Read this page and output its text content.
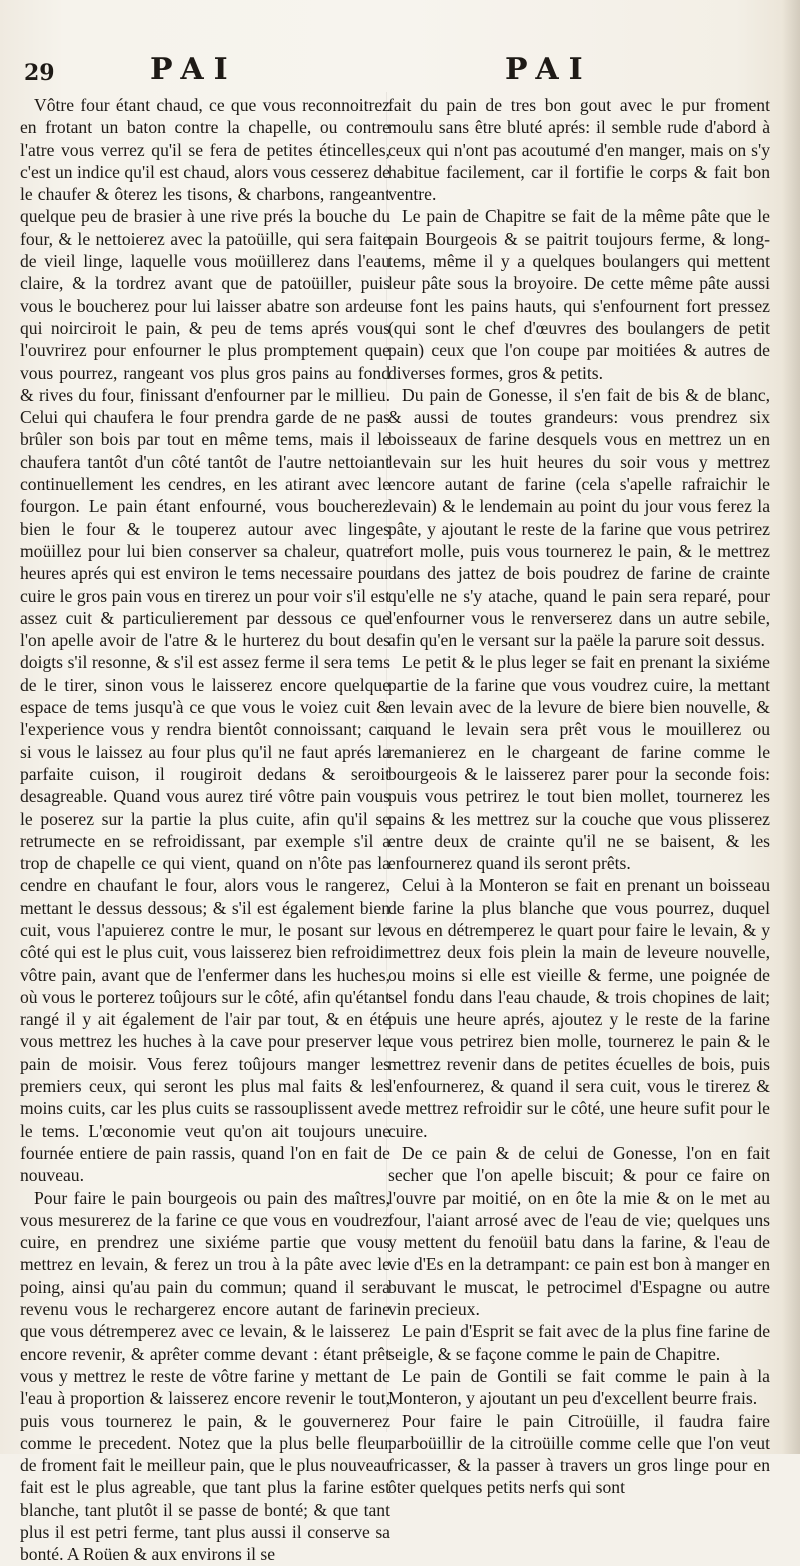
29	PAI	PAI

Vôtre four étant chaud, ce que vous reconnoitrez en frotant un baton contre la chapelle, ou contre l'atre vous verrez qu'il se fera de petites étincelles, c'est un indice qu'il est chaud, alors vous cesserez de le chaufer & ôterez les tisons, & charbons, rangeant quelque peu de brasier à une rive prés la bouche du four, & le nettoierez avec la patoüille, qui sera faite de vieil linge, laquelle vous moüillerez dans l'eau claire, & la tordrez avant que de patoüiller, puis vous le boucherez pour lui laisser abatre son ardeur qui noirciroit le pain, & peu de tems aprés vous l'ouvrirez pour enfourner le plus promptement que vous pourrez, rangeant vos plus gros pains au fond & rives du four, finissant d'enfourner par le millieu. Celui qui chaufera le four prendra garde de ne pas brûler son bois par tout en même tems, mais il le chaufera tantôt d'un côté tantôt de l'autre nettoiant continuellement les cendres, en les atirant avec le fourgon. Le pain étant enfourné, vous boucherez bien le four & le touperez autour avec linges moüillez pour lui bien conserver sa chaleur, quatre heures aprés qui est environ le tems necessaire pour cuire le gros pain vous en tirerez un pour voir s'il est assez cuit & particulierement par dessous ce que l'on apelle avoir de l'atre & le hurterez du bout des doigts s'il resonne, & s'il est assez ferme il sera tems de le tirer, sinon vous le laisserez encore quelque espace de tems jusqu'à ce que vous le voiez cuit & l'experience vous y rendra bientôt connoissant; car si vous le laissez au four plus qu'il ne faut aprés la parfaite cuison, il rougiroit dedans & seroit desagreable. Quand vous aurez tiré vôtre pain vous le poserez sur la partie la plus cuite, afin qu'il se retrumecte en se refroidissant, par exemple s'il a trop de chapelle ce qui vient, quand on n'ôte pas la cendre en chaufant le four, alors vous le rangerez, mettant le dessus dessous; & s'il est également bien cuit, vous l'apuierez contre le mur, le posant sur le côté qui est le plus cuit, vous laisserez bien refroidir vôtre pain, avant que de l'enfermer dans les huches, où vous le porterez toûjours sur le côté, afin qu'étant rangé il y ait également de l'air par tout, & en été vous mettrez les huches à la cave pour preserver le pain de moisir. Vous ferez toûjours manger les premiers ceux, qui seront les plus mal faits & les moins cuits, car les plus cuits se rassouplissent avec le tems. L'œconomie veut qu'on ait toujours une fournée entiere de pain rassis, quand l'on en fait de nouveau.

Pour faire le pain bourgeois ou pain des maîtres, vous mesurerez de la farine ce que vous en voudrez cuire, en prendrez une sixiéme partie que vous mettrez en levain, & ferez un trou à la pâte avec le poing, ainsi qu'au pain du commun; quand il sera revenu vous le rechargerez encore autant de farine que vous détremperez avec ce levain, & le laisserez encore revenir, & aprêter comme devant : étant prêt vous y mettrez le reste de vôtre farine y mettant de l'eau à proportion & laisserez encore revenir le tout, puis vous tournerez le pain, & le gouvernerez comme le precedent. Notez que la plus belle fleur de froment fait le meilleur pain, que le plus nouveau fait est le plus agreable, que tant plus la farine est blanche, tant plutôt il se passe de bonté; & que tant plus il est petri ferme, tant plus aussi il conserve sa bonté. A Roüen & aux environs il se

fait du pain de tres bon gout avec le pur froment moulu sans être bluté aprés: il semble rude d'abord à ceux qui n'ont pas acoutumé d'en manger, mais on s'y habitue facilement, car il fortifie le corps & fait bon ventre.

Le pain de Chapitre se fait de la même pâte que le pain Bourgeois & se paitrit toujours ferme, & long-tems, même il y a quelques boulangers qui mettent leur pâte sous la broyoire. De cette même pâte aussi se font les pains hauts, qui s'enfournent fort pressez (qui sont le chef d'œuvres des boulangers de petit pain) ceux que l'on coupe par moitiées & autres de diverses formes, gros & petits.

Du pain de Gonesse, il s'en fait de bis & de blanc, & aussi de toutes grandeurs: vous prendrez six boisseaux de farine desquels vous en mettrez un en levain sur les huit heures du soir vous y mettrez encore autant de farine (cela s'apelle rafraichir le levain) & le lendemain au point du jour vous ferez la pâte, y ajoutant le reste de la farine que vous petrirez fort molle, puis vous tournerez le pain, & le mettrez dans des jattez de bois poudrez de farine de crainte qu'elle ne s'y atache, quand le pain sera reparé, pour l'enfourner vous le renverserez dans un autre sebile, afin qu'en le versant sur la paële la parure soit dessus.

Le petit & le plus leger se fait en prenant la sixiéme partie de la farine que vous voudrez cuire, la mettant en levain avec de la levure de biere bien nouvelle, & quand le levain sera prêt vous le mouillerez ou remanierez en le chargeant de farine comme le bourgeois & le laisserez parer pour la seconde fois: puis vous petrirez le tout bien mollet, tournerez les pains & les mettrez sur la couche que vous plisserez entre deux de crainte qu'il ne se baisent, & les enfournerez quand ils seront prêts.

Celui à la Monteron se fait en prenant un boisseau de farine la plus blanche que vous pourrez, duquel vous en détremperez le quart pour faire le levain, & y mettrez deux fois plein la main de leveure nouvelle, ou moins si elle est vieille & ferme, une poignée de sel fondu dans l'eau chaude, & trois chopines de lait; puis une heure aprés, ajoutez y le reste de la farine que vous petrirez bien molle, tournerez le pain & le mettrez revenir dans de petites écuelles de bois, puis l'enfournerez, & quand il sera cuit, vous le tirerez & le mettrez refroidir sur le côté, une heure sufit pour le cuire.

De ce pain & de celui de Gonesse, l'on en fait secher que l'on apelle biscuit; & pour ce faire on l'ouvre par moitié, on en ôte la mie & on le met au four, l'aiant arrosé avec de l'eau de vie; quelques uns y mettent du fenoüil batu dans la farine, & l'eau de vie d'Es en la detrampant: ce pain est bon à manger en buvant le muscat, le petrocimel d'Espagne ou autre vin precieux.

Le pain d'Esprit se fait avec de la plus fine farine de seigle, & se façone comme le pain de Chapitre.

Le pain de Gontili se fait comme le pain à la Monteron, y ajoutant un peu d'excellent beurre frais.

Pour faire le pain Citroüille, il faudra faire parboüillir de la citroüille comme celle que l'on veut fricasser, & la passer à travers un gros linge pour en ôter quelques petits nerfs qui sont
